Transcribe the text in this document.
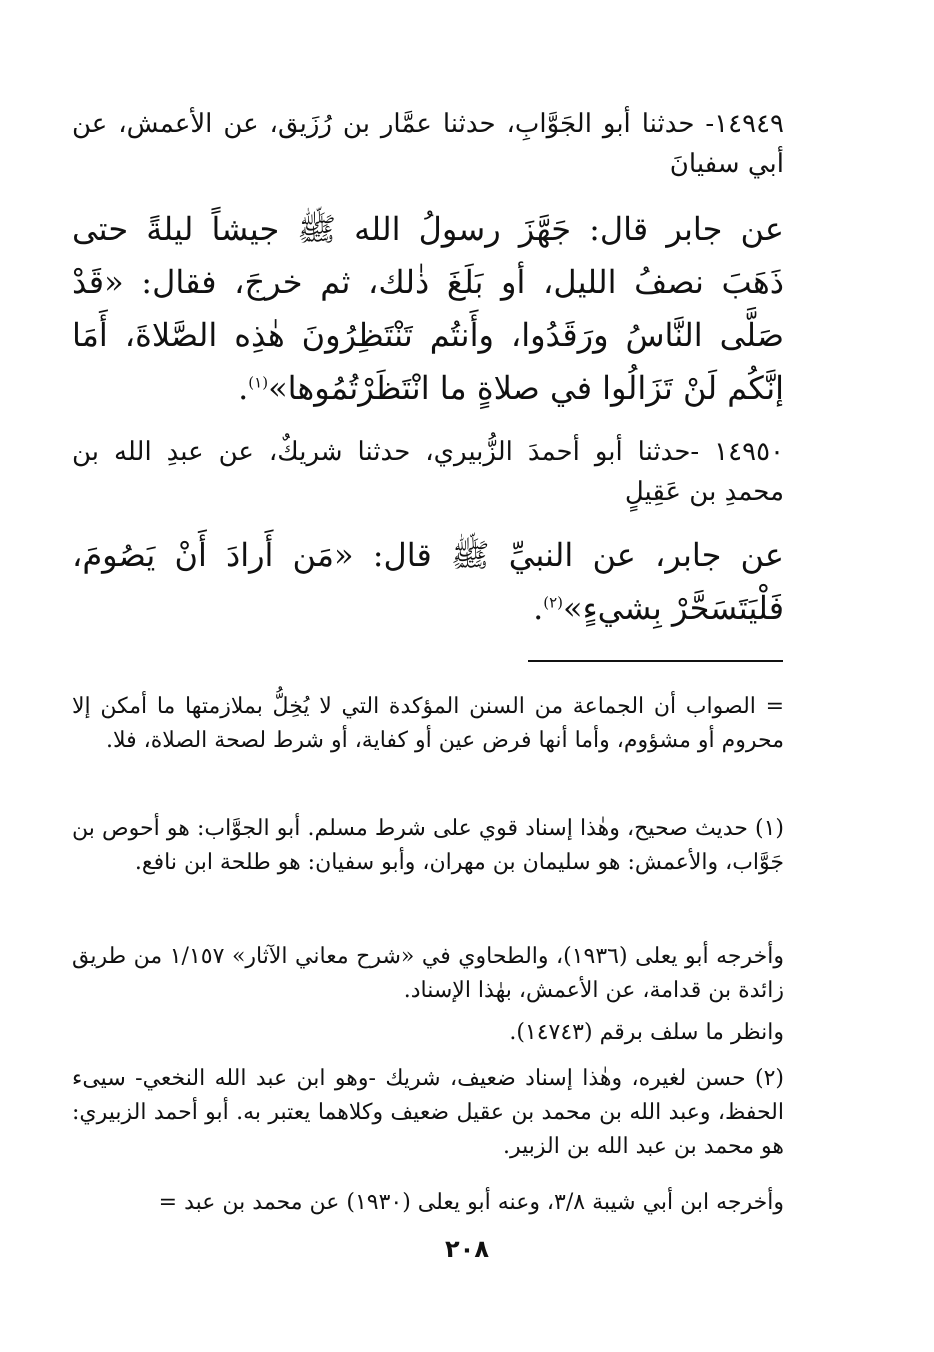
١٤٩٤٩- حدثنا أبو الجَوَّابِ، حدثنا عمَّار بن رُزَيق، عن الأعمش، عن أبي سفيانَ

عن جابر قال: جَهَّزَ رسولُ الله ﷺ جيشاً ليلةً حتى ذَهَبَ نصفُ الليل، أو بَلَغَ ذٰلك، ثم خرجَ، فقال: «قَدْ صَلَّى النَّاسُ ورَقَدُوا، وأَنتُم تَنْتَظِرُونَ هٰذِه الصَّلاةَ، أَمَا إنَّكُم لَنْ تَزَالُوا في صلاةٍ ما انْتَظَرْتُمُوها»$^{(١)}$.

١٤٩٥٠ -حدثنا أبو أحمدَ الزُّبيري، حدثنا شريكٌ، عن عبدِ الله بن محمدِ بن عَقِيلٍ

عن جابر، عن النبيِّ ﷺ قال: «مَن أَرادَ أَنْ يَصُومَ، فَلْيَتَسَحَّرْ بِشيءٍ»$^{(٢)}$.

= الصواب أن الجماعة من السنن المؤكدة التي لا يُخِلُّ بملازمتها ما أمكن إلا محروم أو مشؤوم، وأما أنها فرض عين أو كفاية، أو شرط لصحة الصلاة، فلا.

(١) حديث صحيح، وهٰذا إسناد قوي على شرط مسلم. أبو الجوَّاب: هو أحوص بن جَوَّاب، والأعمش: هو سليمان بن مهران، وأبو سفيان: هو طلحة ابن نافع.

وأخرجه أبو يعلى (١٩٣٦)، والطحاوي في «شرح معاني الآثار» ١/١٥٧ من طريق زائدة بن قدامة، عن الأعمش، بهٰذا الإسناد.

وانظر ما سلف برقم (١٤٧٤٣).

(٢) حسن لغيره، وهٰذا إسناد ضعيف، شريك -وهو ابن عبد الله النخعي- سيىء الحفظ، وعبد الله بن محمد بن عقيل ضعيف وكلاهما يعتبر به. أبو أحمد الزبيري: هو محمد بن عبد الله بن الزبير.

وأخرجه ابن أبي شيبة ٣/٨، وعنه أبو يعلى (١٩٣٠) عن محمد بن عبد =

٢٠٨
